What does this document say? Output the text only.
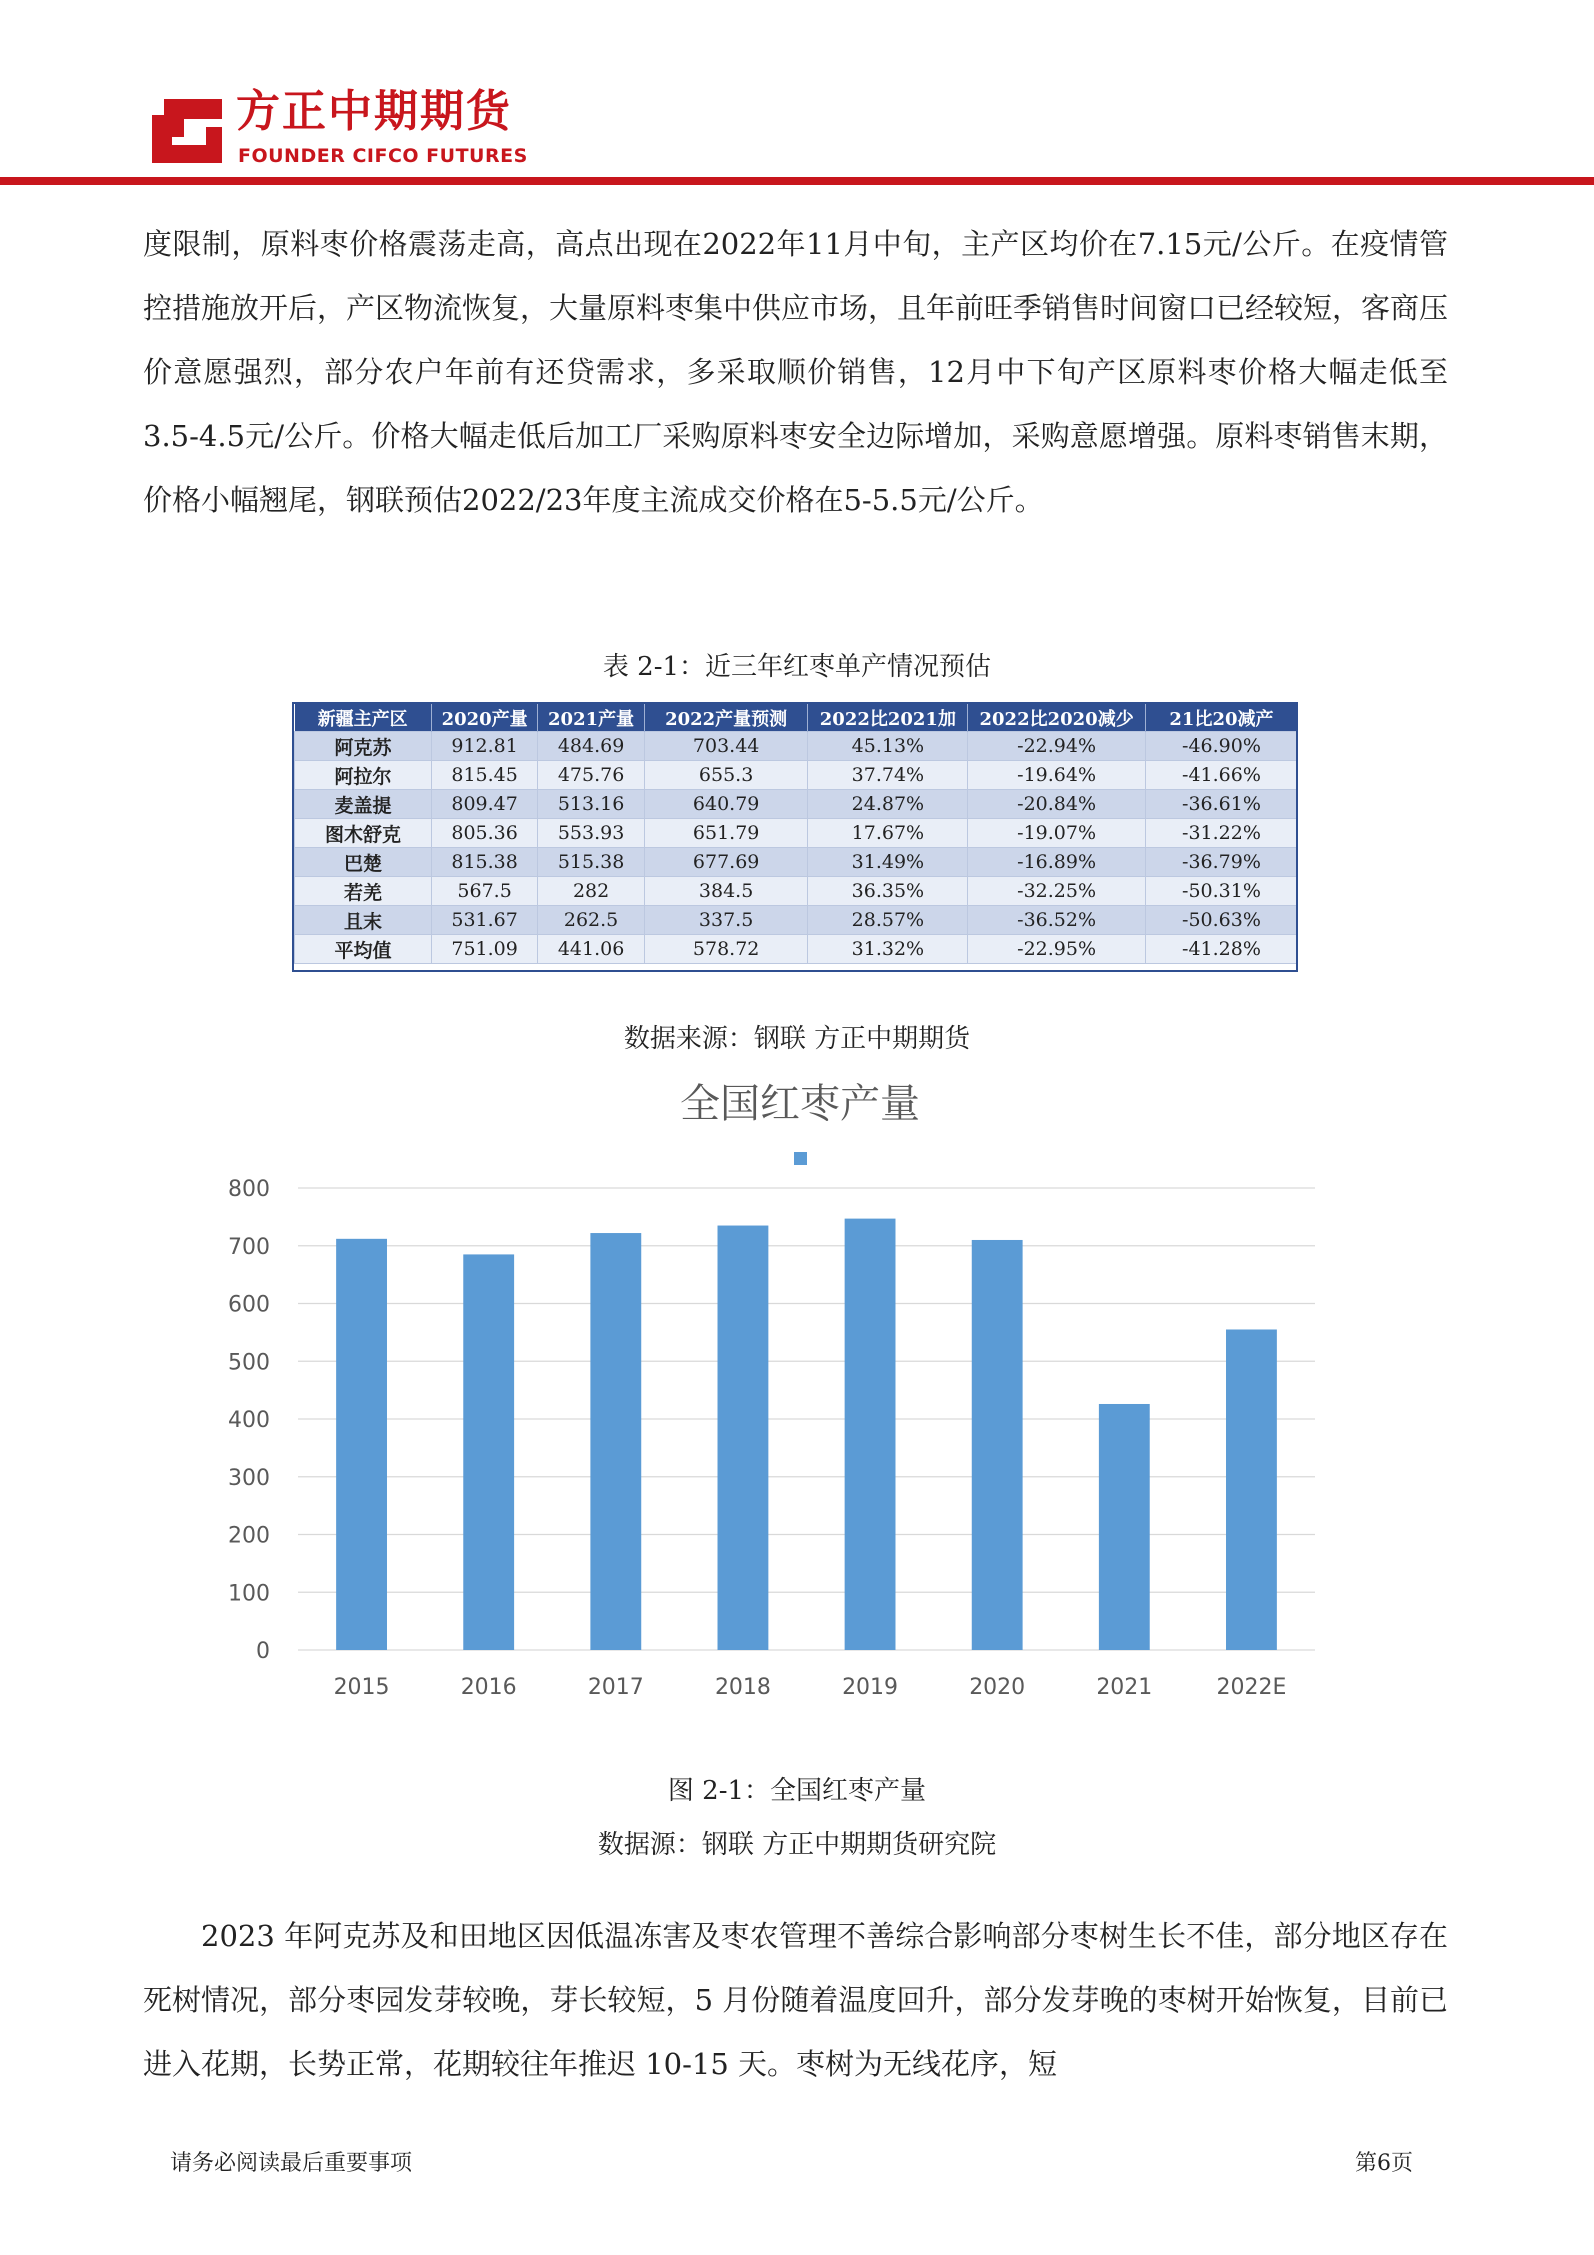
方正中期期货
FOUNDER CIFCO FUTURES
度限制，原料枣价格震荡走高，高点出现在2022年11月中旬，主产区均价在7.15元/公斤。在疫情管控措施放开后，产区物流恢复，大量原料枣集中供应市场，且年前旺季销售时间窗口已经较短，客商压价意愿强烈，部分农户年前有还贷需求，多采取顺价销售，12月中下旬产区原料枣价格大幅走低至3.5-4.5元/公斤。价格大幅走低后加工厂采购原料枣安全边际增加，采购意愿增强。原料枣销售末期，价格小幅翘尾，钢联预估2022/23年度主流成交价格在5-5.5元/公斤。
表 2-1：近三年红枣单产情况预估
新疆主产区	2020产量	2021产量	2022产量预测	2022比2021加	2022比2020减少	21比20减产
阿克苏	912.81	484.69	703.44	45.13%	-22.94%	-46.90%
阿拉尔	815.45	475.76	655.3	37.74%	-19.64%	-41.66%
麦盖提	809.47	513.16	640.79	24.87%	-20.84%	-36.61%
图木舒克	805.36	553.93	651.79	17.67%	-19.07%	-31.22%
巴楚	815.38	515.38	677.69	31.49%	-16.89%	-36.79%
若羌	567.5	282	384.5	36.35%	-32.25%	-50.31%
且末	531.67	262.5	337.5	28.57%	-36.52%	-50.63%
平均值	751.09	441.06	578.72	31.32%	-22.95%	-41.28%
数据来源：钢联 方正中期期货
全国红枣产量
0
100
200
300
400
500
600
700
800
2015	2016	2017	2018	2019	2020	2021	2022E
图 2-1：全国红枣产量
数据源：钢联 方正中期期货研究院
2023 年阿克苏及和田地区因低温冻害及枣农管理不善综合影响部分枣树生长不佳，部分地区存在死树情况，部分枣园发芽较晚，芽长较短，5 月份随着温度回升，部分发芽晚的枣树开始恢复，目前已进入花期，长势正常，花期较往年推迟 10-15 天。枣树为无线花序，短
请务必阅读最后重要事项	第6页
